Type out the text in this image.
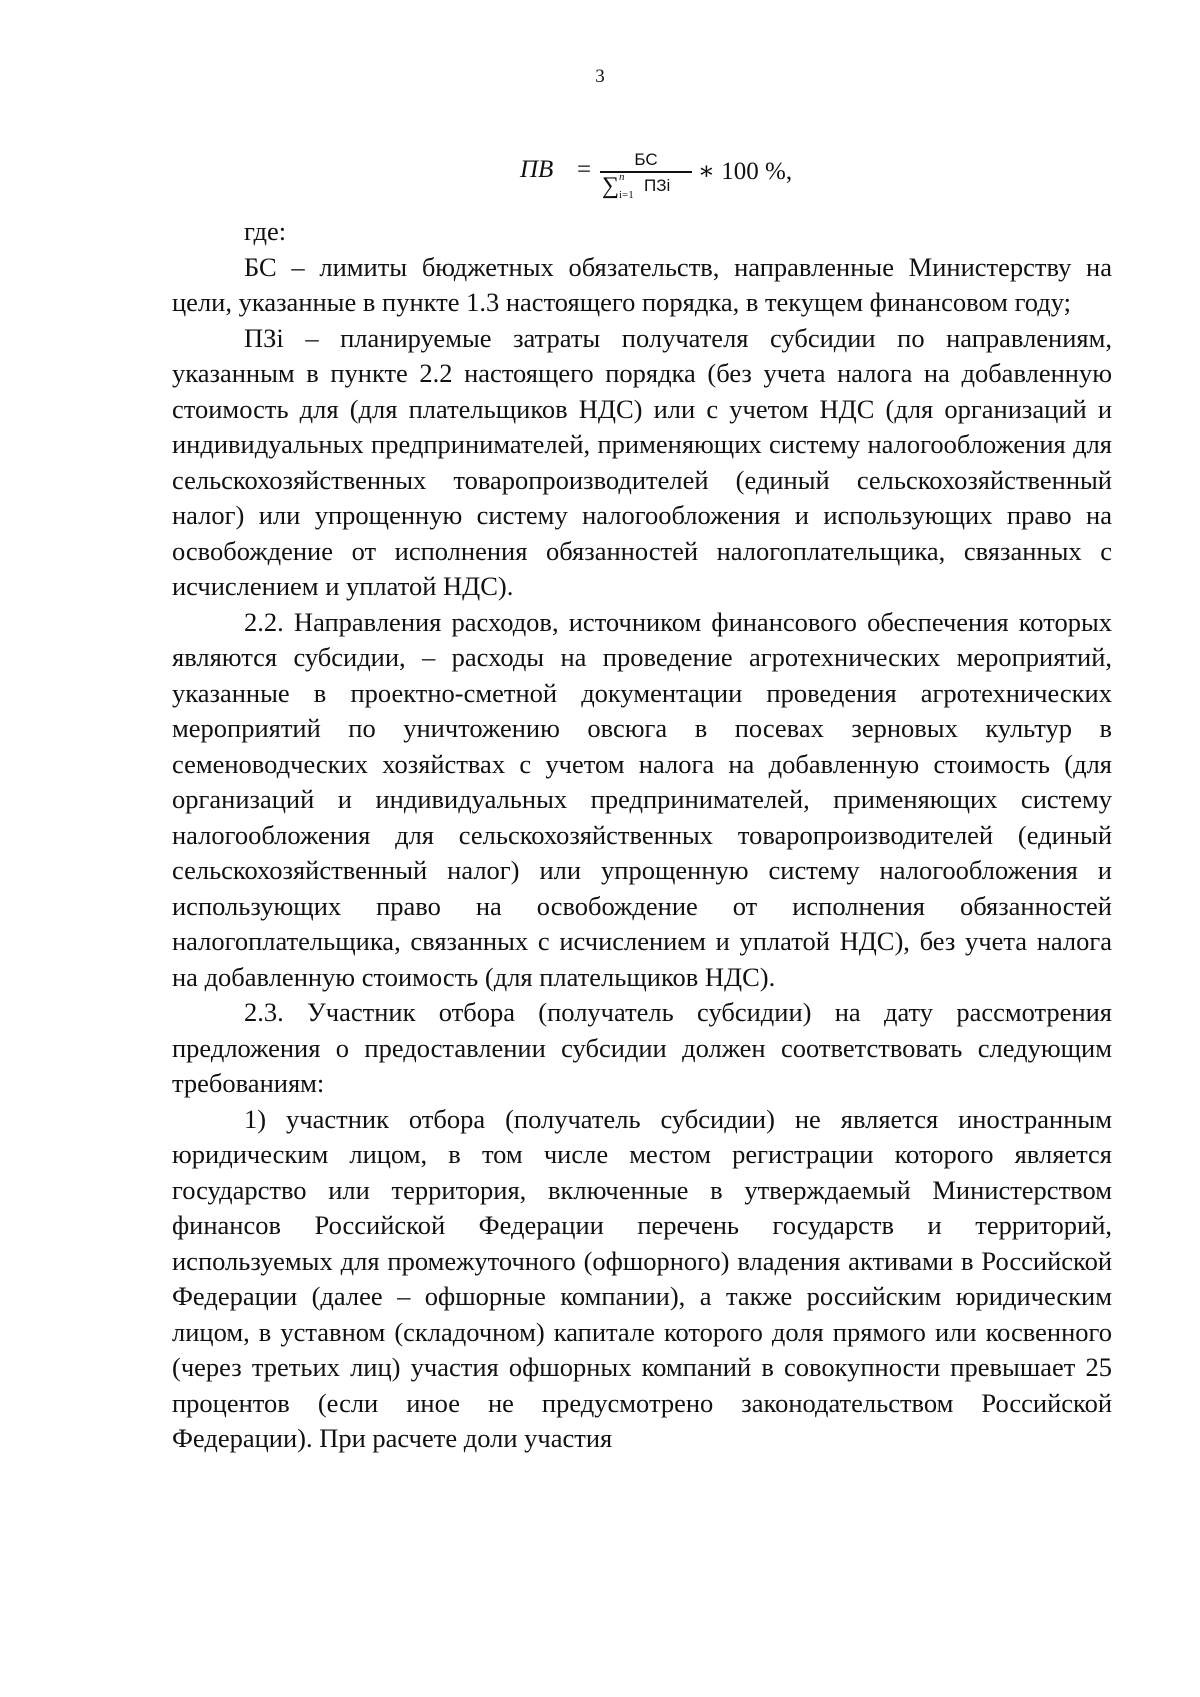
3
ПВ =	БС
∑ n
i=1 ПЗi ∗ 100 %,

где:

БС – лимиты бюджетных обязательств, направленные Министерству на цели, указанные в пункте 1.3 настоящего порядка, в текущем финансовом году;

ПЗi – планируемые затраты получателя субсидии по направлениям, указанным в пункте 2.2 настоящего порядка (без учета налога на добавленную стоимость для (для плательщиков НДС) или с учетом НДС (для организаций и индивидуальных предпринимателей, применяющих систему налогообложения для сельскохозяйственных товаропроизводителей (единый сельскохозяйственный налог) или упрощенную систему налогообложения и использующих право на освобождение от исполнения обязанностей налогоплательщика, связанных с исчислением и уплатой НДС).

2.2. Направления расходов, источником финансового обеспечения которых являются субсидии, – расходы на проведение агротехнических мероприятий, указанные в проектно-сметной документации проведения агротехнических мероприятий по уничтожению овсюга в посевах зерновых культур в семеноводческих хозяйствах с учетом налога на добавленную стоимость (для организаций и индивидуальных предпринимателей, применяющих систему налогообложения для сельскохозяйственных товаропроизводителей (единый сельскохозяйственный налог) или упрощенную систему налогообложения и использующих право на освобождение от исполнения обязанностей налогоплательщика, связанных с исчислением и уплатой НДС), без учета налога на добавленную стоимость (для плательщиков НДС).

2.3. Участник отбора (получатель субсидии) на дату рассмотрения предложения о предоставлении субсидии должен соответствовать следующим требованиям:

1) участник отбора (получатель субсидии) не является иностранным юридическим лицом, в том числе местом регистрации которого является государство или территория, включенные в утверждаемый Министерством финансов Российской Федерации перечень государств и территорий, используемых для промежуточного (офшорного) владения активами в Российской Федерации (далее – офшорные компании), а также российским юридическим лицом, в уставном (складочном) капитале которого доля прямого или косвенного (через третьих лиц) участия офшорных компаний в совокупности превышает 25 процентов (если иное не предусмотрено законодательством Российской Федерации). При расчете доли участия
